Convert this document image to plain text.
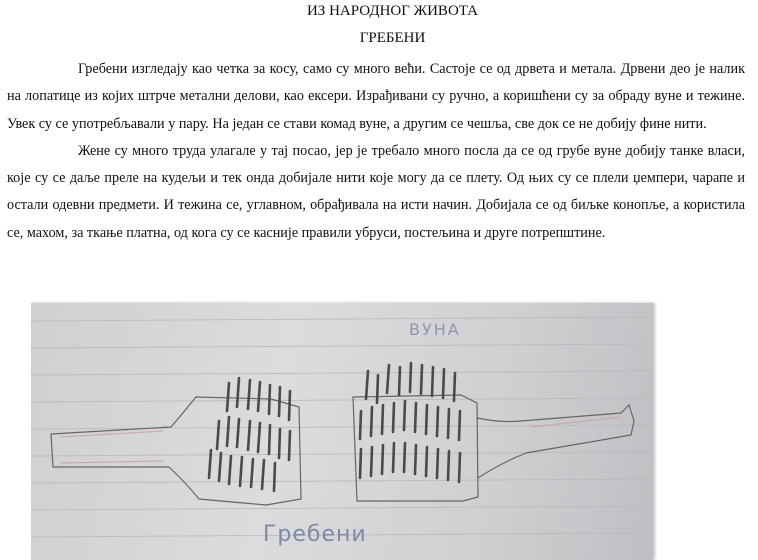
ИЗ НАРОДНОГ ЖИВОТА
ГРЕБЕНИ

Гребени изгледају као четка за косу, само су много већи. Састоје се од дрвета и метала. Дрвени део је налик на лопатице из којих штрче метални делови, као ексери. Израђивани су ручно, а коришћени су за обраду вуне и тежине. Увек су се употребљавали у пару. На један се стави комад вуне, а другим се чешља, све док се не добију фине нити.

Жене су много труда улагале у тај посао, јер је требало много посла да се од грубе вуне добију танке власи, које су се даље преле на кудељи и тек онда добијале нити које могу да се плету. Од њих су се плели џемпери, чарапе и остали одевни предмети. И тежина се, углавном, обрађивала на исти начин. Добијала се од биљке конопље, а користила се, махом, за ткање платна, од кога су се касније правили убруси, постељина и друге потрепштине.

ВУНА
Гребени
